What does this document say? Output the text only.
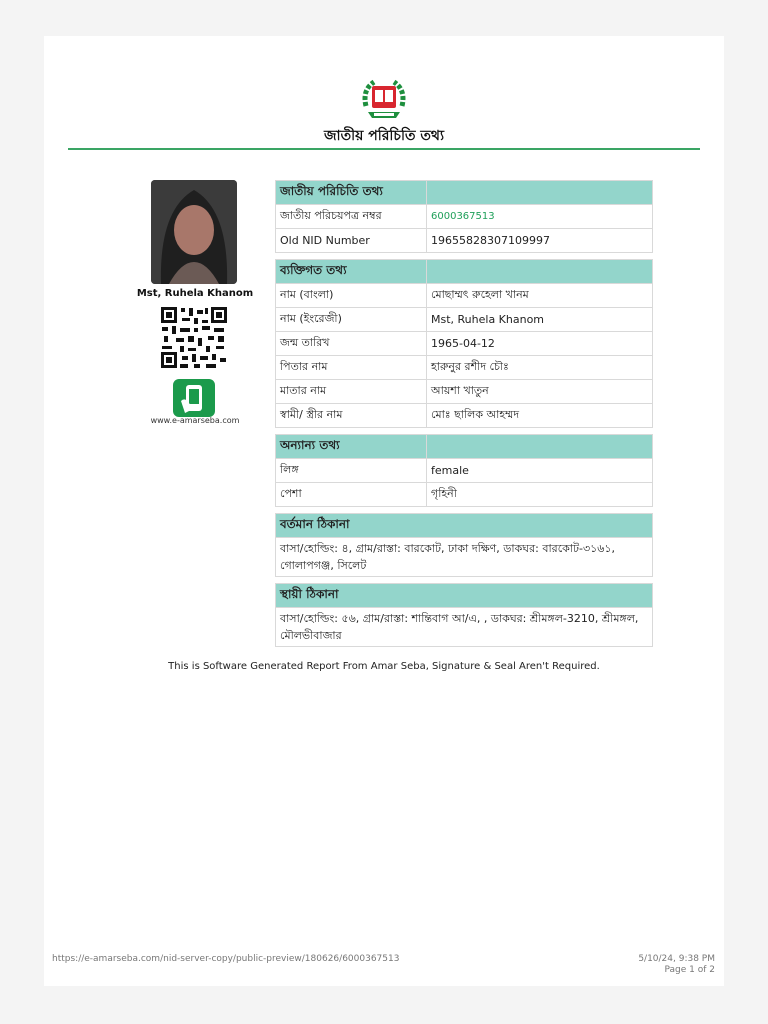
জাতীয় পরিচিতি তথ্য
Mst, Ruhela Khanom
www.e-amarseba.com
জাতীয় পরিচিতি তথ্য	
জাতীয় পরিচয়পত্র নম্বর	6000367513
Old NID Number	19655828307109997

ব্যক্তিগত তথ্য	
নাম (বাংলা)	মোছাম্মৎ রুহেলা খানম
নাম (ইংরেজী)	Mst, Ruhela Khanom
জন্ম তারিখ	1965-04-12
পিতার নাম	হারুনুর রশীদ চৌঃ
মাতার নাম	আয়শা খাতুন
স্বামী/ স্ত্রীর নাম	মোঃ ছালিক আহম্মদ

অন্যান্য তথ্য	
লিঙ্গ	female
পেশা	গৃহিনী

বর্তমান ঠিকানা	
বাসা/হোল্ডিং: ৪, গ্রাম/রাস্তা: বারকোট, ঢাকা দক্ষিণ, ডাকঘর: বারকোট-৩১৬১, গোলাপগঞ্জ, সিলেট	

স্থায়ী ঠিকানা	
বাসা/হোল্ডিং: ৫৬, গ্রাম/রাস্তা: শান্তিবাগ আ/এ, , ডাকঘর: শ্রীমঙ্গল-3210, শ্রীমঙ্গল, মৌলভীবাজার	
This is Software Generated Report From Amar Seba, Signature & Seal Aren't Required.
https://e-amarseba.com/nid-server-copy/public-preview/180626/6000367513	5/10/24, 9:38 PM
Page 1 of 2
